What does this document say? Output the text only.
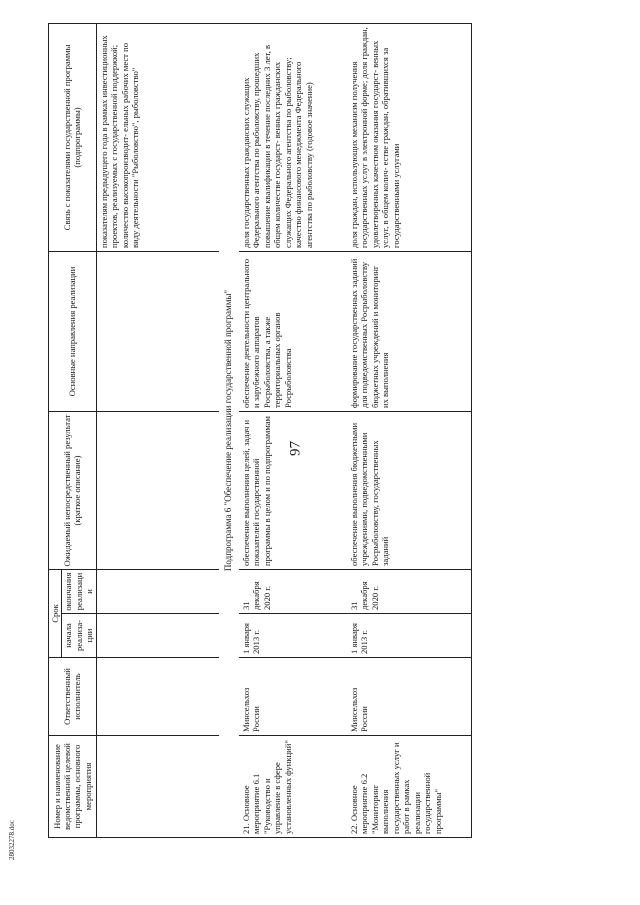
97
28032278.doc
Номер и наименование ведомственной целевой программы, основного мероприятия	Ответственный исполнитель	Срок		Ожидаемый непосредственный результат (краткое описание)	Основные направления реализации	Связь с показателями государственной программы (подпрограммы)
		начала реализа- ции	окончания реализации			
						показателям предыдущего года в рамках инвестиционных проектов, реализуемых с государственной поддержкой; количество высокопроизводит- ельных рабочих мест по виду деятельности "Рыболовство", рыболовство"
Подпрограмма 6 "Обеспечение реализации государственной программы"						
21. Основное мероприятие 6.1 "Руководство и управление в сфере установленных функций"	Минсельхоз России	1 января 2013 г.	31 декабря 2020 г.	обеспечение выполнения целей, задач и показателей государственной программы в целом и по подпрограммам	обеспечение деятельности центрального и зарубежного аппаратов Росрыболовства, а также территориальных органов Росрыболовства	доля государственных гражданских служащих Федерального агентства по рыболовству, прошедших повышение квалификации в течение последних 3 лет, в общем количестве государст- венных гражданских служащих Федерального агентства по рыболовству; качество финансового менеджмента Федерального агентства по рыболовству (годовое значение)
22. Основное мероприятие 6.2 "Мониторинг выполнения государственных услуг и работ в рамках реализации государственной программы"	Минсельхоз России	1 января 2013 г.	31 декабря 2020 г.	обеспечение выполнения бюджетными учреждениями, подведомственными Росрыболовству, государственных заданий	формирование государственных заданий для подведомственных Росрыболовству бюджетных учреждений и мониторинг их выполнения	доля граждан, использующих механизм получения государственных услуг в электронной форме; доля граждан, удовлетворенных качеством оказания государст- венных услуг, в общем колич- естве граждан, обратившихся за государственными услугами
